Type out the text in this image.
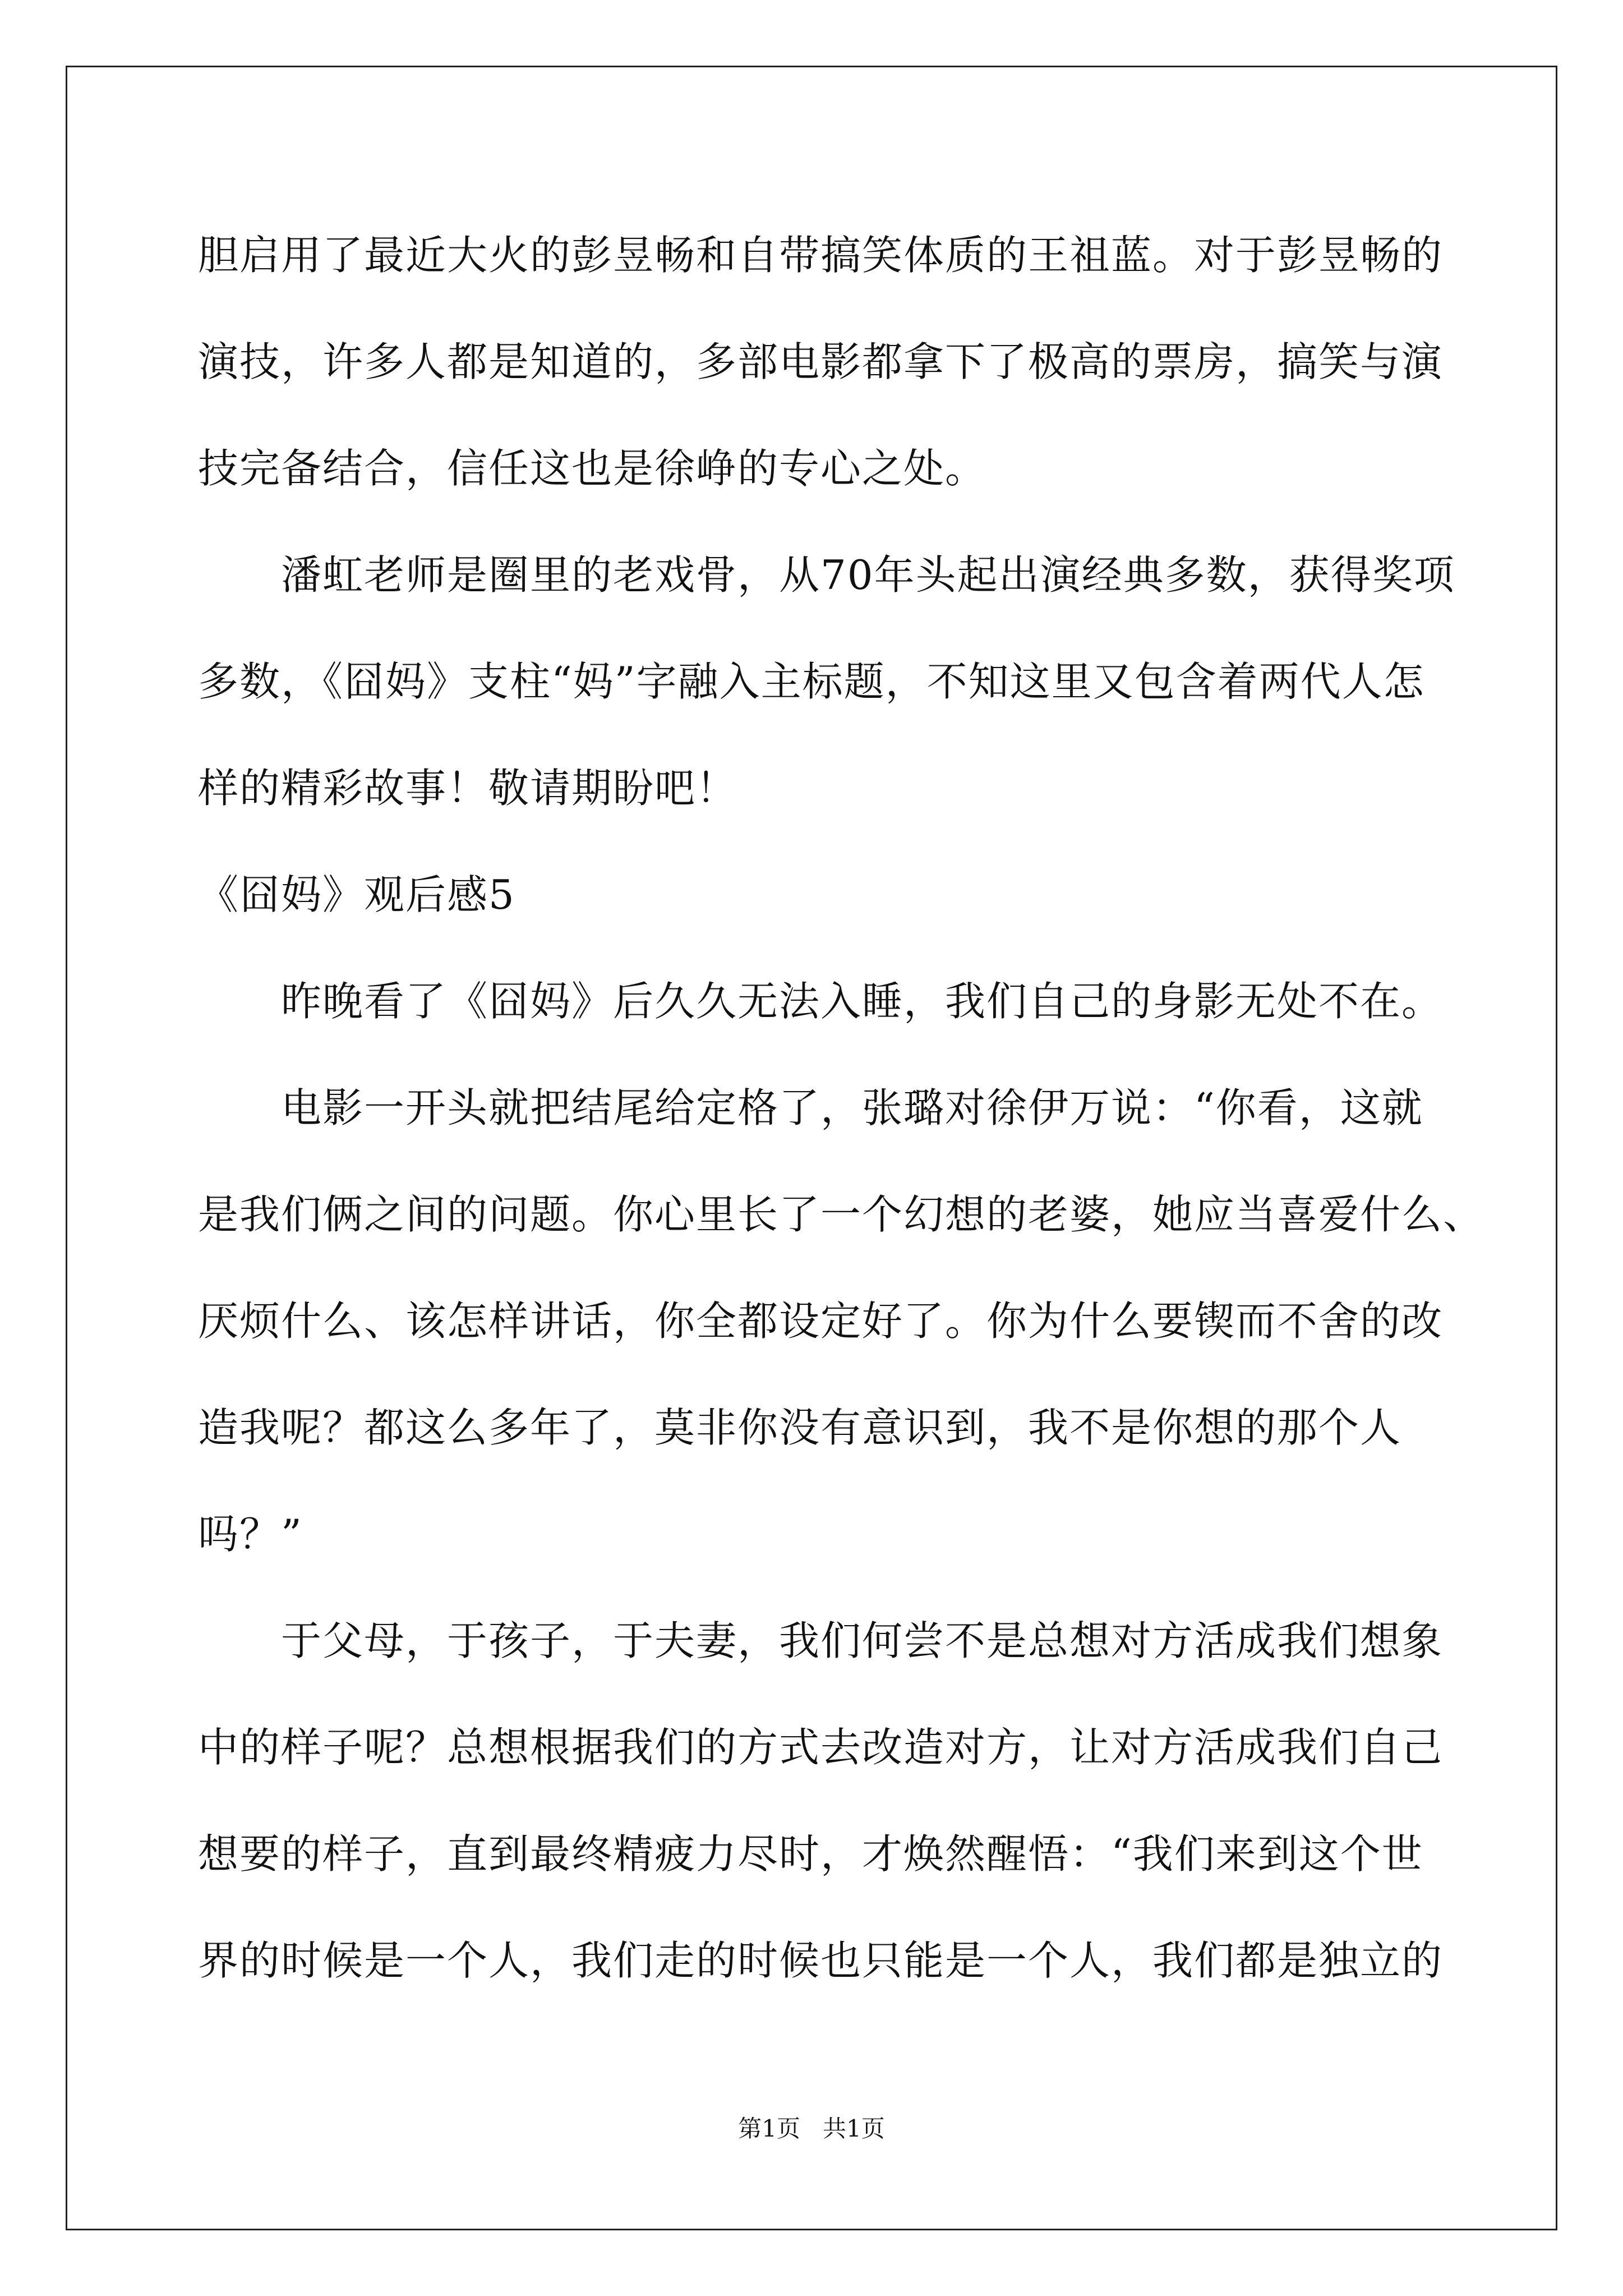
胆启用了最近大火的彭昱畅和自带搞笑体质的王祖蓝。对于彭昱畅的
演技，许多人都是知道的，多部电影都拿下了极高的票房，搞笑与演
技完备结合，信任这也是徐峥的专心之处。
　　潘虹老师是圈里的老戏骨，从70年头起出演经典多数，获得奖项
多数，《囧妈》支柱“妈”字融入主标题，不知这里又包含着两代人怎
样的精彩故事！敬请期盼吧！
《囧妈》观后感5
　　昨晚看了《囧妈》后久久无法入睡，我们自己的身影无处不在。
　　电影一开头就把结尾给定格了，张璐对徐伊万说：“你看，这就
是我们俩之间的问题。你心里长了一个幻想的老婆，她应当喜爱什么、
厌烦什么、该怎样讲话，你全都设定好了。你为什么要锲而不舍的改
造我呢？都这么多年了，莫非你没有意识到，我不是你想的那个人
吗？”
　　于父母，于孩子，于夫妻，我们何尝不是总想对方活成我们想象
中的样子呢？总想根据我们的方式去改造对方，让对方活成我们自己
想要的样子，直到最终精疲力尽时，才焕然醒悟：“我们来到这个世
界的时候是一个人，我们走的时候也只能是一个人，我们都是独立的
第1页   共1页
